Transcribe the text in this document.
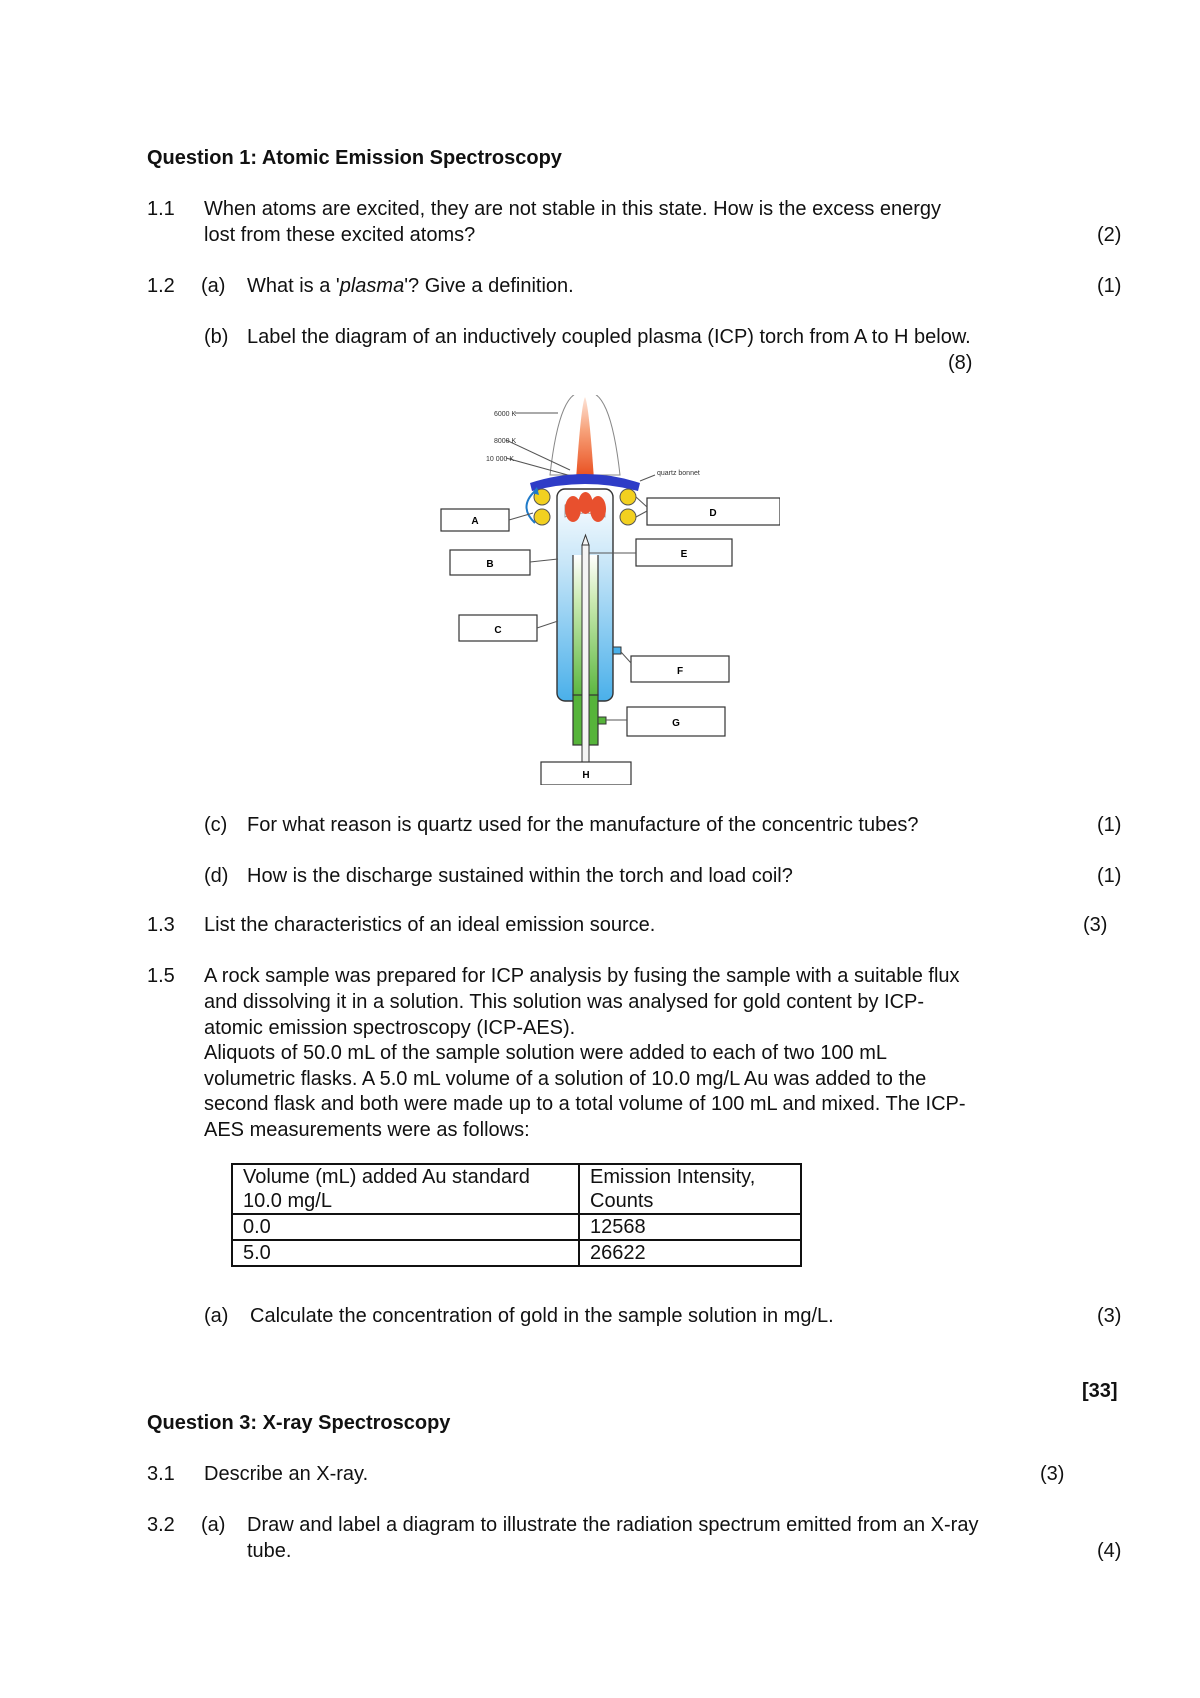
Question 1: Atomic Emission Spectroscopy
1.1 When atoms are excited, they are not stable in this state. How is the excess energy
lost from these excited atoms?	(2)
1.2 (a) What is a 'plasma'? Give a definition.	(1)
(b) Label the diagram of an inductively coupled plasma (ICP) torch from A to H below.
(8)
6000 K
8000 K
10 000 K
quartz bonnet
A
B
C
D
E
F
G
H
(c) For what reason is quartz used for the manufacture of the concentric tubes?	(1)
(d) How is the discharge sustained within the torch and load coil?	(1)
1.3 List the characteristics of an ideal emission source.	(3)
1.5 A rock sample was prepared for ICP analysis by fusing the sample with a suitable flux
and dissolving it in a solution. This solution was analysed for gold content by ICP-
atomic emission spectroscopy (ICP-AES).
Aliquots of 50.0 mL of the sample solution were added to each of two 100 mL
volumetric flasks. A 5.0 mL volume of a solution of 10.0 mg/L Au was added to the
second flask and both were made up to a total volume of 100 mL and mixed. The ICP-
AES measurements were as follows:
Volume (mL) added Au standard
10.0 mg/L	Emission Intensity,
Counts
0.0	12568
5.0	26622
(a) Calculate the concentration of gold in the sample solution in mg/L.	(3)
[33]
Question 3: X-ray Spectroscopy
3.1 Describe an X-ray.	(3)
3.2 (a) Draw and label a diagram to illustrate the radiation spectrum emitted from an X-ray
tube.	(4)
